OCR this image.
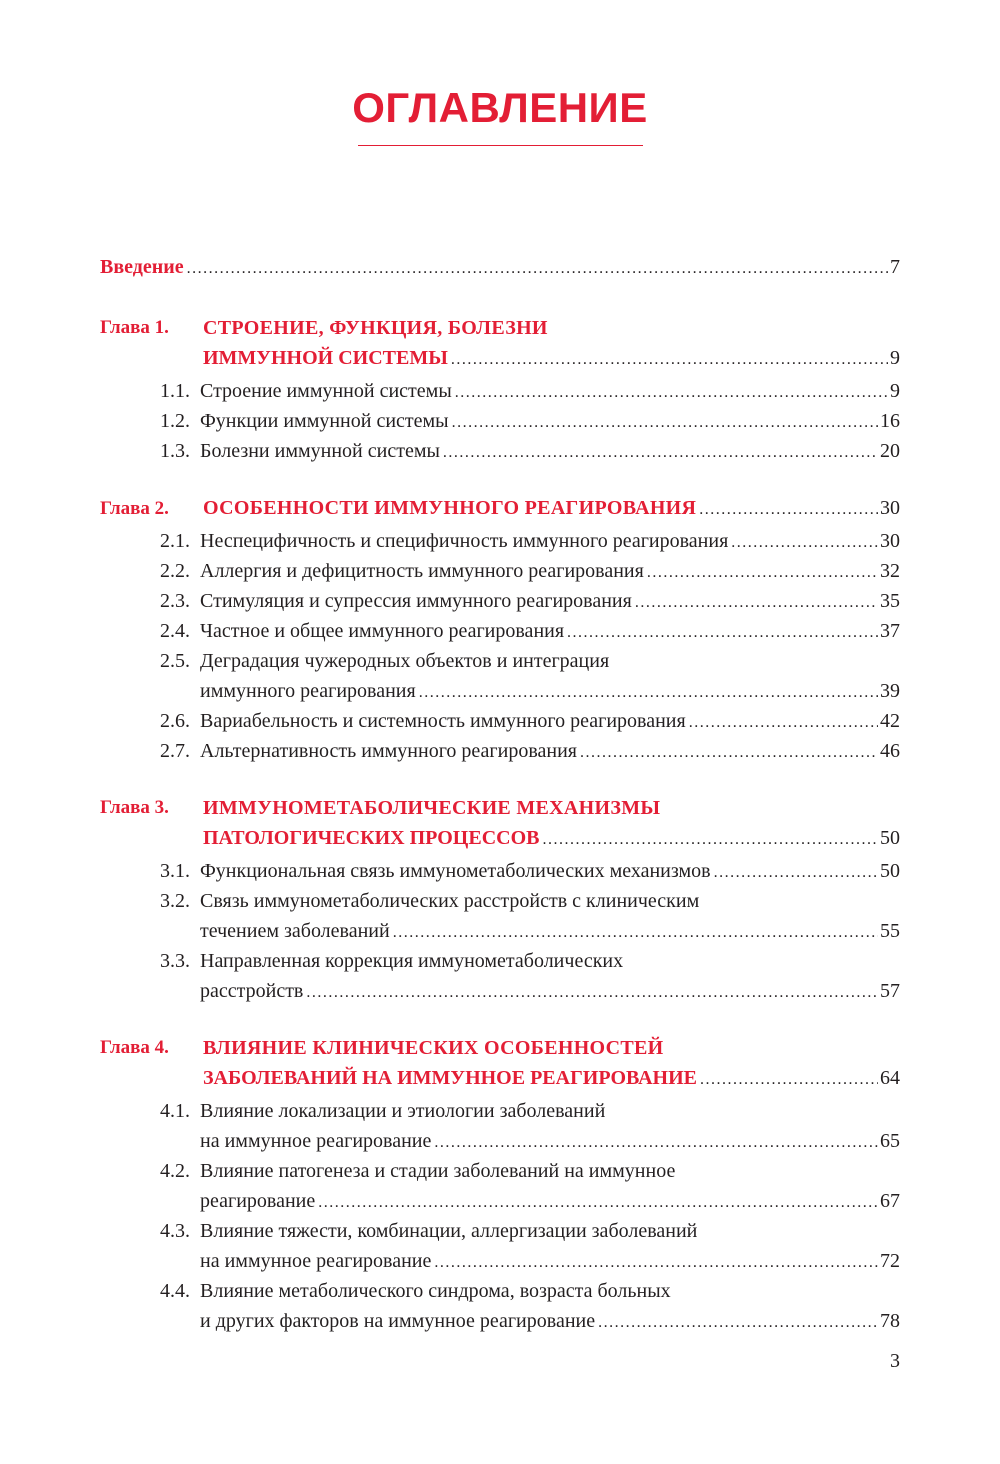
ОГЛАВЛЕНИЕ
Введение .....	7
Глава 1.	СТРОЕНИЕ, ФУНКЦИЯ, БОЛЕЗНИ
ИММУННОЙ СИСТЕМЫ .....	9
1.1. Строение иммунной системы .....	9
1.2. Функции иммунной системы .....	16
1.3. Болезни иммунной системы .....	20
Глава 2. ОСОБЕННОСТИ ИММУННОГО РЕАГИРОВАНИЯ .....	30
2.1. Неспецифичность и специфичность иммунного реагирования .....	30
2.2. Аллергия и дефицитность иммунного реагирования .....	32
2.3. Стимуляция и супрессия иммунного реагирования .....	35
2.4. Частное и общее иммунного реагирования .....	37
2.5. Деградация чужеродных объектов и интеграция
иммунного реагирования .....	39
2.6. Вариабельность и системность иммунного реагирования .....	42
2.7. Альтернативность иммунного реагирования .....	46
Глава 3.	ИММУНОМЕТАБОЛИЧЕСКИЕ МЕХАНИЗМЫ
ПАТОЛОГИЧЕСКИХ ПРОЦЕССОВ .....	50
3.1. Функциональная связь иммунометаболических механизмов .....	50
3.2. Связь иммунометаболических расстройств с клиническим
течением заболеваний .....	55
3.3. Направленная коррекция иммунометаболических
расстройств .....	57
Глава 4.	ВЛИЯНИЕ КЛИНИЧЕСКИХ ОСОБЕННОСТЕЙ
ЗАБОЛЕВАНИЙ НА ИММУННОЕ РЕАГИРОВАНИЕ .....	64
4.1. Влияние локализации и этиологии заболеваний
на иммунное реагирование .....	65
4.2. Влияние патогенеза и стадии заболеваний на иммунное
реагирование .....	67
4.3. Влияние тяжести, комбинации, аллергизации заболеваний
на иммунное реагирование .....	72
4.4. Влияние метаболического синдрома, возраста больных
и других факторов на иммунное реагирование .....	78
3
